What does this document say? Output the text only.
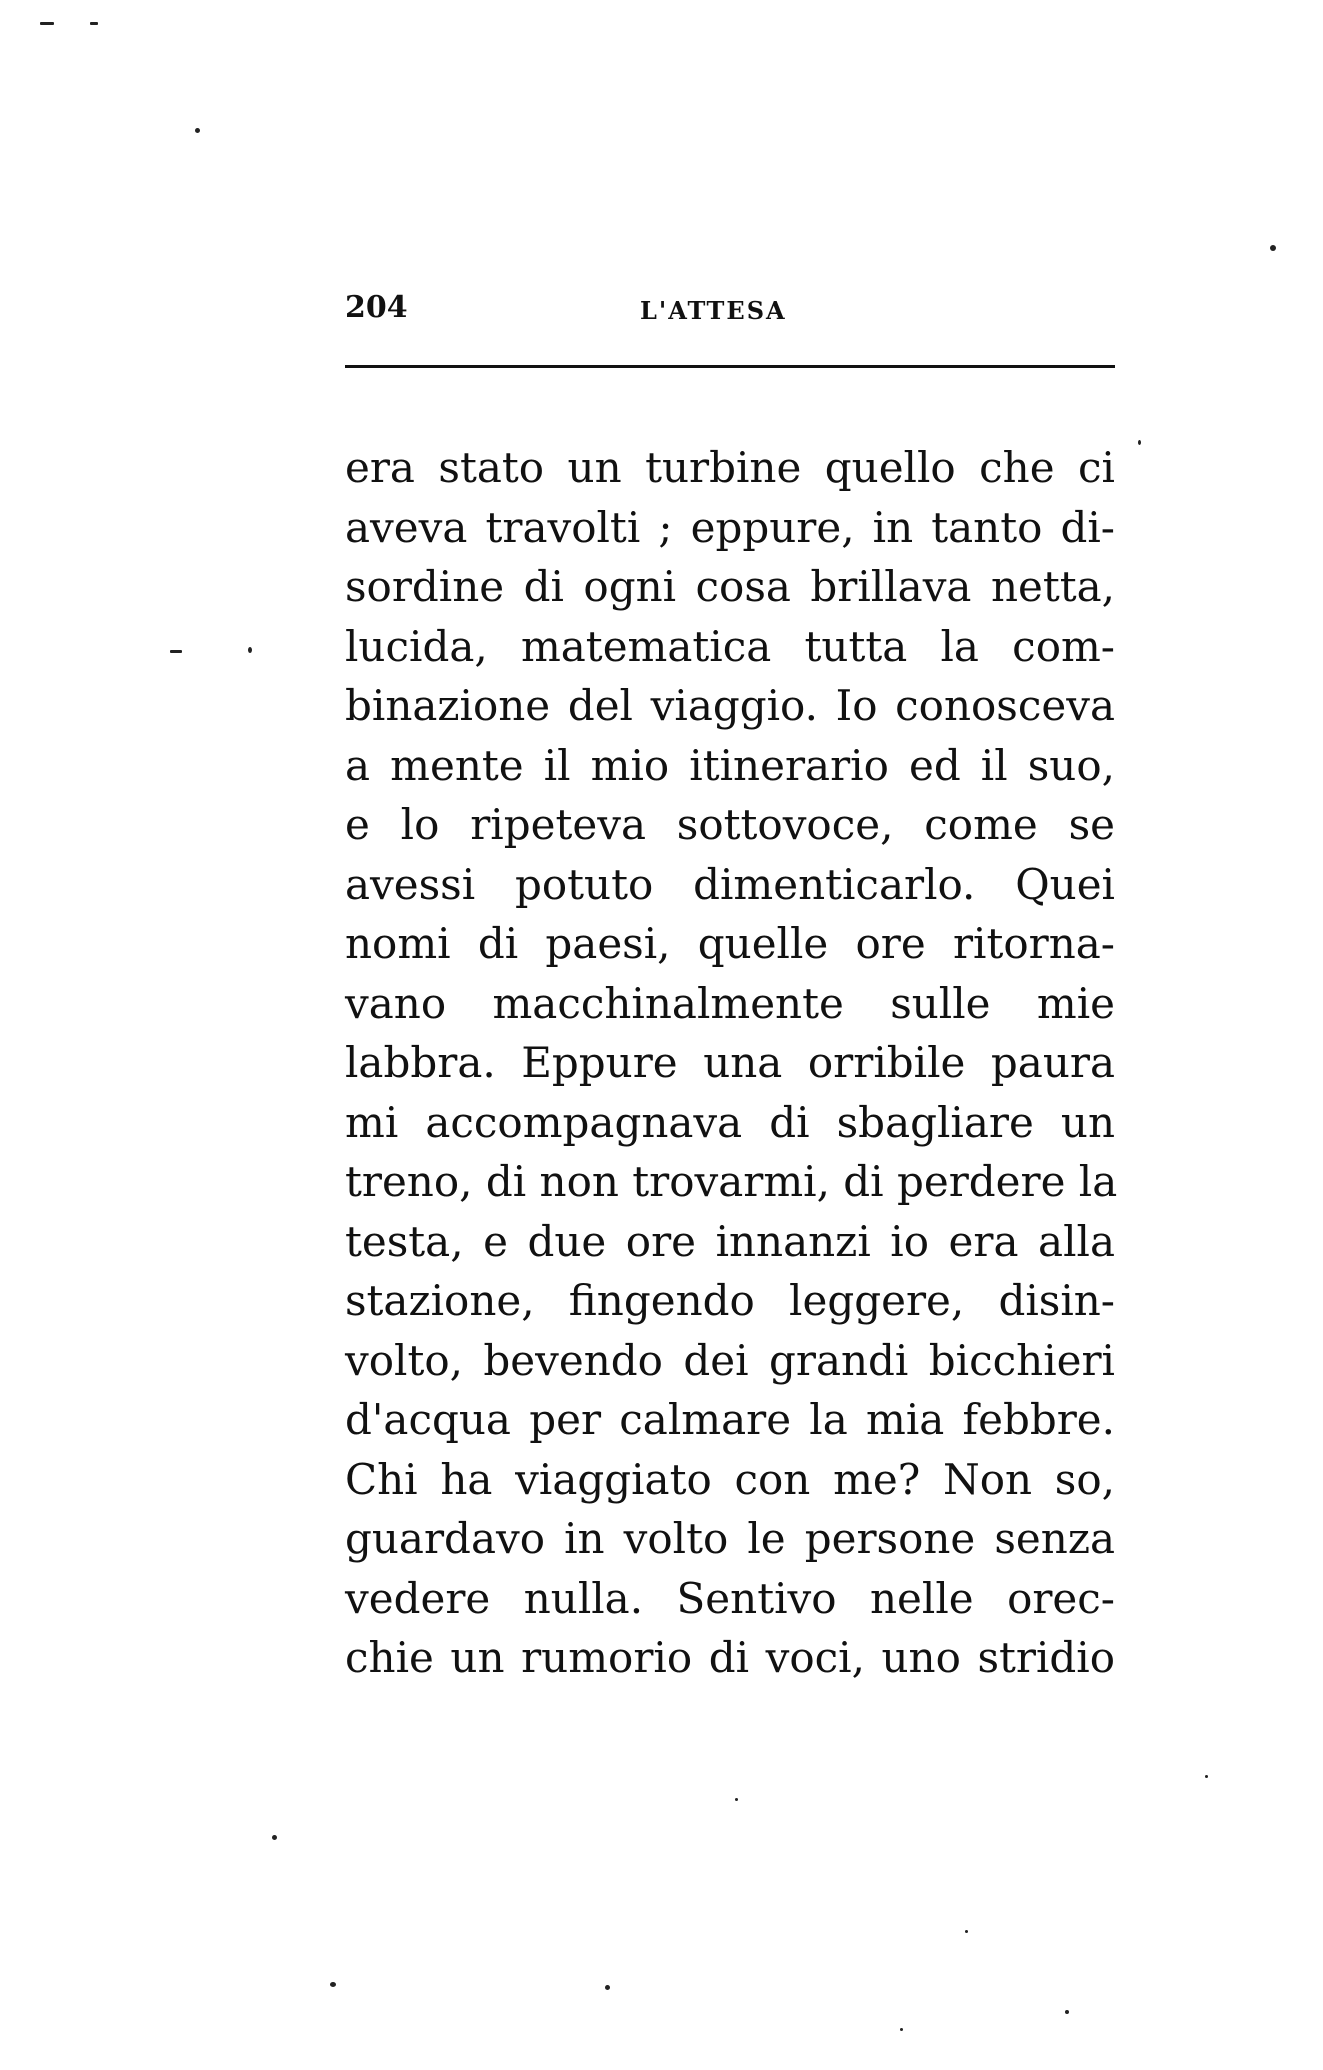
204	L'ATTESA
era stato un turbine quello che ci
aveva travolti ; eppure, in tanto di-
sordine di ogni cosa brillava netta,
lucida, matematica tutta la com-
binazione del viaggio. Io conosceva
a mente il mio itinerario ed il suo,
e lo ripeteva sottovoce, come se
avessi potuto dimenticarlo. Quei
nomi di paesi, quelle ore ritorna-
vano macchinalmente sulle mie
labbra. Eppure una orribile paura
mi accompagnava di sbagliare un
treno, di non trovarmi, di perdere la
testa, e due ore innanzi io era alla
stazione, fingendo leggere, disin-
volto, bevendo dei grandi bicchieri
d'acqua per calmare la mia febbre.
Chi ha viaggiato con me? Non so,
guardavo in volto le persone senza
vedere nulla. Sentivo nelle orec-
chie un rumorio di voci, uno stridio
